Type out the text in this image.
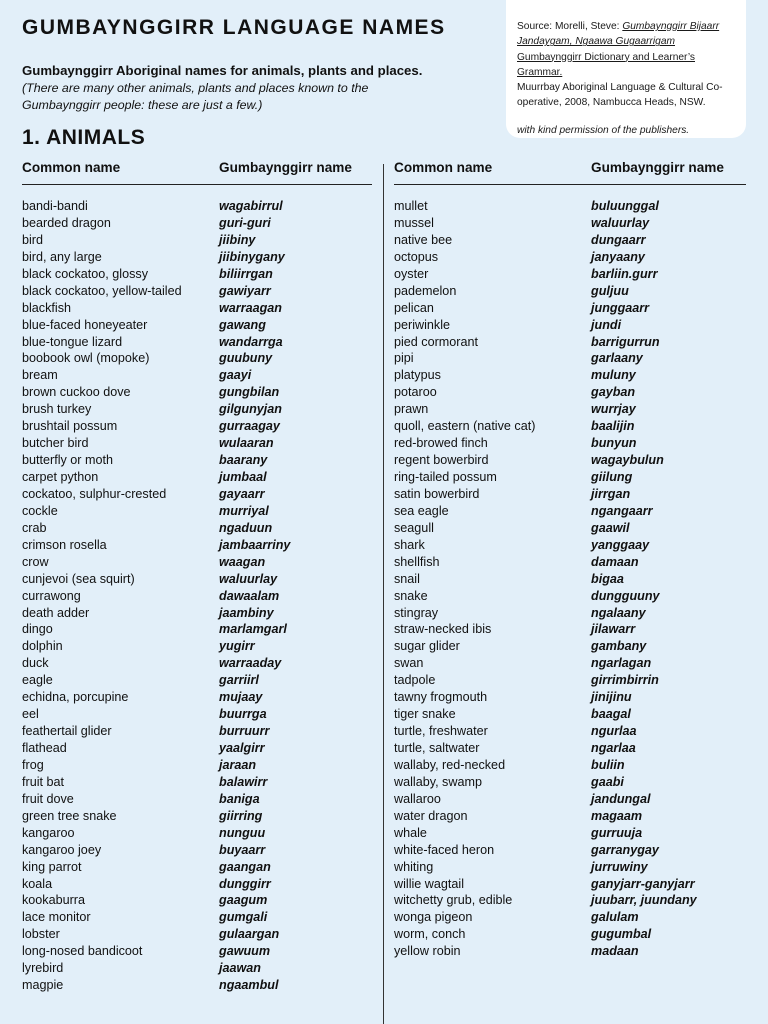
GUMBAYNGGIRR LANGUAGE NAMES	Source: Morelli, Steve: Gumbaynggirr Bijaarr Jandaygam, Ngaawa Gugaarrigam
Gumbaynggirr Dictionary and Learner’s Grammar.
Muurrbay Aboriginal Language & Cultural Co-operative, 2008, Nambucca Heads, NSW.
with kind permission of the publishers.
Gumbaynggirr Aboriginal names for animals, plants and places.
(There are many other animals, plants and places known to the Gumbaynggirr people: these are just a few.)
1. ANIMALS
Common name	Gumbaynggirr name	Common name	Gumbaynggirr name
bandi-bandi	wagabirrul
bearded dragon	guri-guri
bird	jiibiny
bird, any large	jiibinygany
black cockatoo, glossy	biliirrgan
black cockatoo, yellow-tailed	gawiyarr
blackfish	warraagan
blue-faced honeyeater	gawang
blue-tongue lizard	wandarrga
boobook owl (mopoke)	guubuny
bream	gaayi
brown cuckoo dove	gungbilan
brush turkey	gilgunyjan
brushtail possum	gurraagay
butcher bird	wulaaran
butterfly or moth	baarany
carpet python	jumbaal
cockatoo, sulphur-crested	gayaarr
cockle	murriyal
crab	ngaduun
crimson rosella	jambaarriny
crow	waagan
cunjevoi (sea squirt)	waluurlay
currawong	dawaalam
death adder	jaambiny
dingo	marlamgarl
dolphin	yugirr
duck	warraaday
eagle	garriirl
echidna, porcupine	mujaay
eel	buurrga
feathertail glider	burruurr
flathead	yaalgirr
frog	jaraan
fruit bat	balawirr
fruit dove	baniga
green tree snake	giirring
kangaroo	nunguu
kangaroo joey	buyaarr
king parrot	gaangan
koala	dunggirr
kookaburra	gaagum
lace monitor	gumgali
lobster	gulaargan
long-nosed bandicoot	gawuum
lyrebird	jaawan
magpie	ngaambul
mullet	buluunggal
mussel	waluurlay
native bee	dungaarr
octopus	janyaany
oyster	barliin.gurr
pademelon	guljuu
pelican	junggaarr
periwinkle	jundi
pied cormorant	barrigurrun
pipi	garlaany
platypus	muluny
potaroo	gayban
prawn	wurrjay
quoll, eastern (native cat)	baalijin
red-browed finch	bunyun
regent bowerbird	wagaybulun
ring-tailed possum	giilung
satin bowerbird	jirrgan
sea eagle	ngangaarr
seagull	gaawil
shark	yanggaay
shellfish	damaan
snail	bigaa
snake	dungguuny
stingray	ngalaany
straw-necked ibis	jilawarr
sugar glider	gambany
swan	ngarlagan
tadpole	girrimbirrin
tawny frogmouth	jinijinu
tiger snake	baagal
turtle, freshwater	ngurlaa
turtle, saltwater	ngarlaa
wallaby, red-necked	buliin
wallaby, swamp	gaabi
wallaroo	jandungal
water dragon	magaam
whale	gurruuja
white-faced heron	garranygay
whiting	jurruwiny
willie wagtail	ganyjarr-ganyjarr
witchetty grub, edible	juubarr, juundany
wonga pigeon	galulam
worm, conch	gugumbal
yellow robin	madaan
